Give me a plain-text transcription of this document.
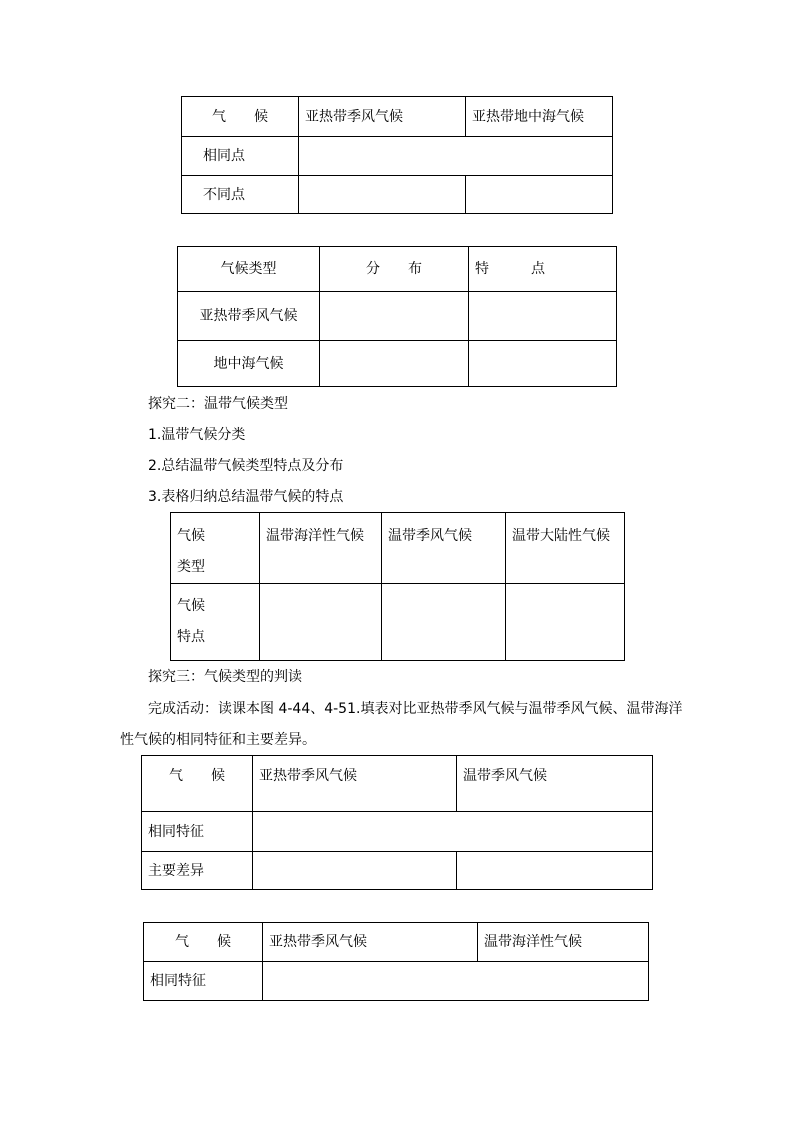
气　　候	亚热带季风气候	亚热带地中海气候
相同点		
不同点		
气候类型	分　　布	特　　　点
亚热带季风气候		
地中海气候		
探究二：温带气候类型
1.温带气候分类
2.总结温带气候类型特点及分布
3.表格归纳总结温带气候的特点
气候
类型	温带海洋性气候	温带季风气候	温带大陆性气候

气候
特点			

探究三：气候类型的判读
完成活动：读课本图 4-44、4-51.填表对比亚热带季风气候与温带季风气候、温带海洋
性气候的相同特征和主要差异。
气　　候	亚热带季风气候	温带季风气候
相同特征		
主要差异		
气　　候	亚热带季风气候	温带海洋性气候
相同特征		
